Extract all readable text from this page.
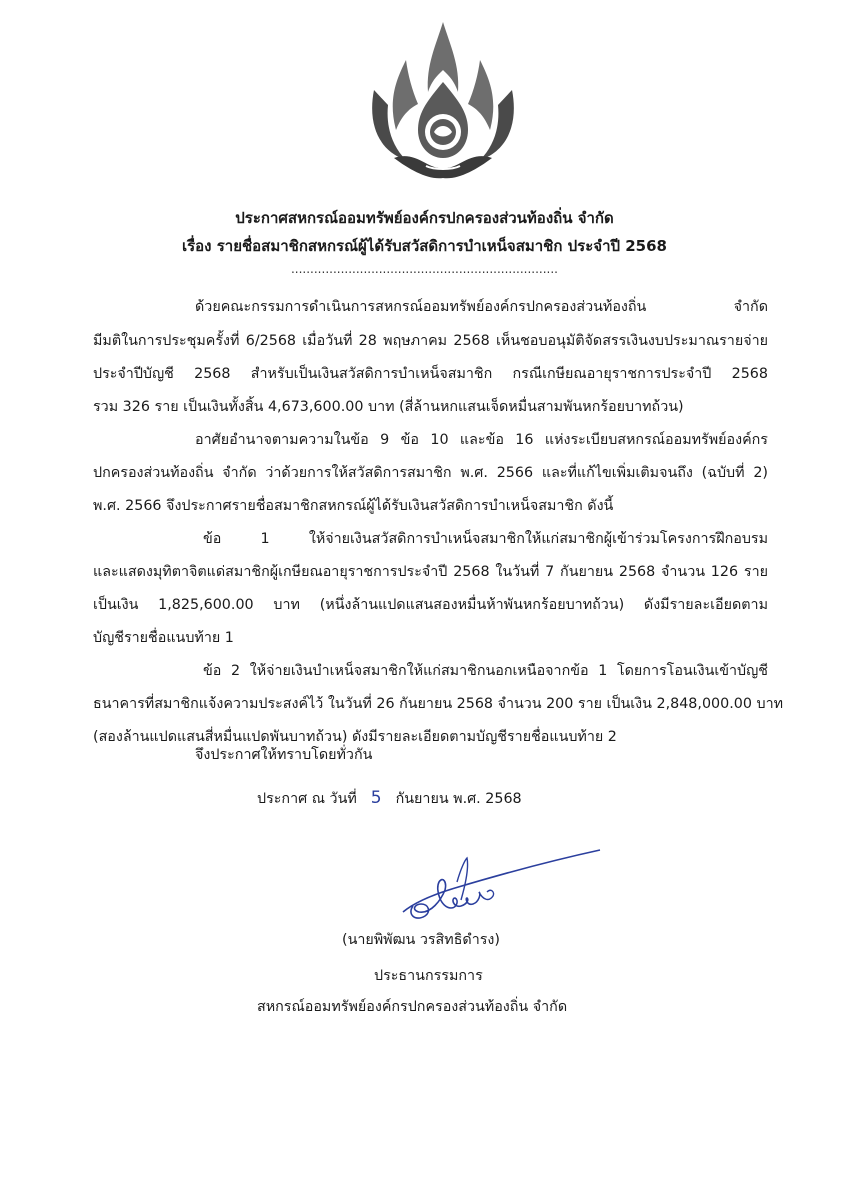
ประกาศสหกรณ์ออมทรัพย์องค์กรปกครองส่วนท้องถิ่น จำกัด
เรื่อง รายชื่อสมาชิกสหกรณ์ผู้ได้รับสวัสดิการบำเหน็จสมาชิก ประจำปี 2568
......................................................................
ด้วยคณะกรรมการดำเนินการสหกรณ์ออมทรัพย์องค์กรปกครองส่วนท้องถิ่น จำกัด
มีมติในการประชุมครั้งที่ 6/2568 เมื่อวันที่ 28 พฤษภาคม 2568 เห็นชอบอนุมัติจัดสรรเงินงบประมาณรายจ่าย
ประจำปีบัญชี 2568 สำหรับเป็นเงินสวัสดิการบำเหน็จสมาชิก กรณีเกษียณอายุราชการประจำปี 2568
รวม 326 ราย เป็นเงินทั้งสิ้น 4,673,600.00 บาท (สี่ล้านหกแสนเจ็ดหมื่นสามพันหกร้อยบาทถ้วน)
อาศัยอำนาจตามความในข้อ 9 ข้อ 10 และข้อ 16 แห่งระเบียบสหกรณ์ออมทรัพย์องค์กร
ปกครองส่วนท้องถิ่น จำกัด ว่าด้วยการให้สวัสดิการสมาชิก พ.ศ. 2566 และที่แก้ไขเพิ่มเติมจนถึง (ฉบับที่ 2)
พ.ศ. 2566 จึงประกาศรายชื่อสมาชิกสหกรณ์ผู้ได้รับเงินสวัสดิการบำเหน็จสมาชิก ดังนี้
ข้อ 1 ให้จ่ายเงินสวัสดิการบำเหน็จสมาชิกให้แก่สมาชิกผู้เข้าร่วมโครงการฝึกอบรม
และแสดงมุทิตาจิตแด่สมาชิกผู้เกษียณอายุราชการประจำปี 2568 ในวันที่ 7 กันยายน 2568 จำนวน 126 ราย
เป็นเงิน 1,825,600.00 บาท (หนึ่งล้านแปดแสนสองหมื่นห้าพันหกร้อยบาทถ้วน) ดังมีรายละเอียดตาม
บัญชีรายชื่อแนบท้าย 1
ข้อ 2 ให้จ่ายเงินบำเหน็จสมาชิกให้แก่สมาชิกนอกเหนือจากข้อ 1 โดยการโอนเงินเข้าบัญชี
ธนาคารที่สมาชิกแจ้งความประสงค์ไว้ ในวันที่ 26 กันยายน 2568 จำนวน 200 ราย เป็นเงิน 2,848,000.00 บาท
(สองล้านแปดแสนสี่หมื่นแปดพันบาทถ้วน) ดังมีรายละเอียดตามบัญชีรายชื่อแนบท้าย 2
จึงประกาศให้ทราบโดยทั่วกัน
ประกาศ ณ วันที่ 5 กันยายน พ.ศ. 2568
(นายพิพัฒน วรสิทธิดำรง)
ประธานกรรมการ
สหกรณ์ออมทรัพย์องค์กรปกครองส่วนท้องถิ่น จำกัด
